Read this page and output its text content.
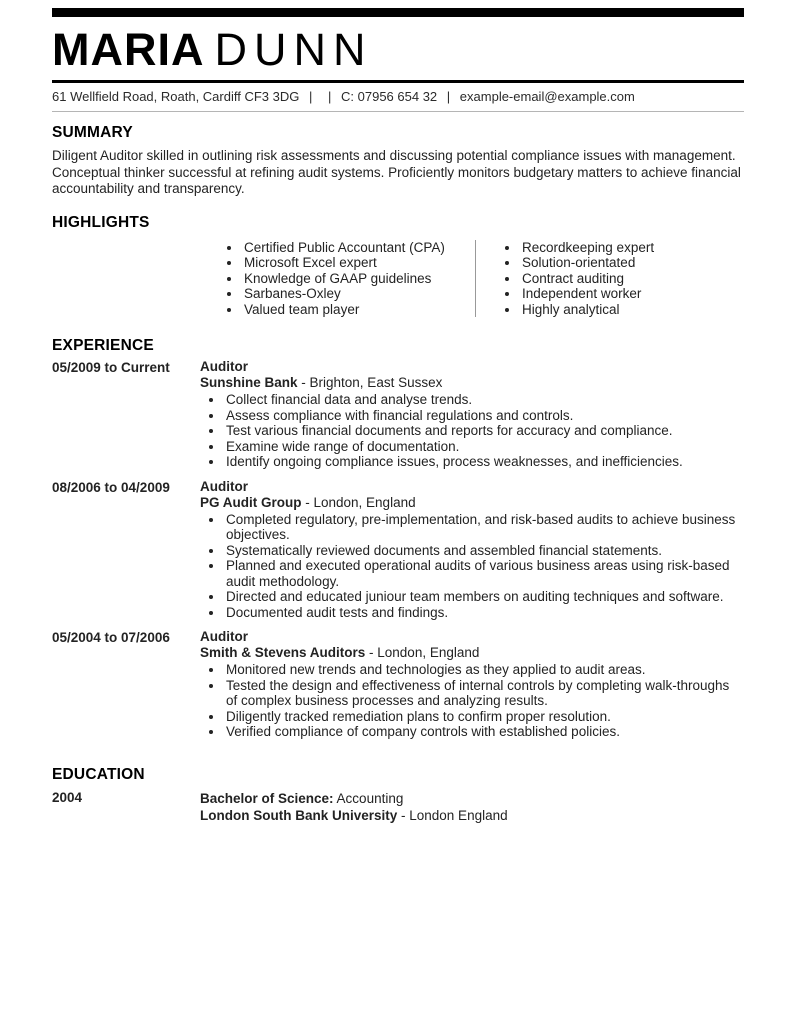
MARIA DUNN
61 Wellfield Road, Roath, Cardiff CF3 3DG | | C: 07956 654 32 | example-email@example.com
SUMMARY
Diligent Auditor skilled in outlining risk assessments and discussing potential compliance issues with management. Conceptual thinker successful at refining audit systems. Proficiently monitors budgetary matters to achieve financial accountability and transparency.
HIGHLIGHTS
• Certified Public Accountant (CPA)
• Microsoft Excel expert
• Knowledge of GAAP guidelines
• Sarbanes-Oxley
• Valued team player
• Recordkeeping expert
• Solution-orientated
• Contract auditing
• Independent worker
• Highly analytical
EXPERIENCE
05/2009 to Current	Auditor
Sunshine Bank - Brighton, East Sussex
• Collect financial data and analyse trends.
• Assess compliance with financial regulations and controls.
• Test various financial documents and reports for accuracy and compliance.
• Examine wide range of documentation.
• Identify ongoing compliance issues, process weaknesses, and inefficiencies.
08/2006 to 04/2009	Auditor
PG Audit Group - London, England
• Completed regulatory, pre-implementation, and risk-based audits to achieve business objectives.
• Systematically reviewed documents and assembled financial statements.
• Planned and executed operational audits of various business areas using risk-based audit methodology.
• Directed and educated juniour team members on auditing techniques and software.
• Documented audit tests and findings.
05/2004 to 07/2006	Auditor
Smith & Stevens Auditors - London, England
• Monitored new trends and technologies as they applied to audit areas.
• Tested the design and effectiveness of internal controls by completing walk-throughs of complex business processes and analyzing results.
• Diligently tracked remediation plans to confirm proper resolution.
• Verified compliance of company controls with established policies.
EDUCATION
2004	Bachelor of Science: Accounting
London South Bank University - London England
